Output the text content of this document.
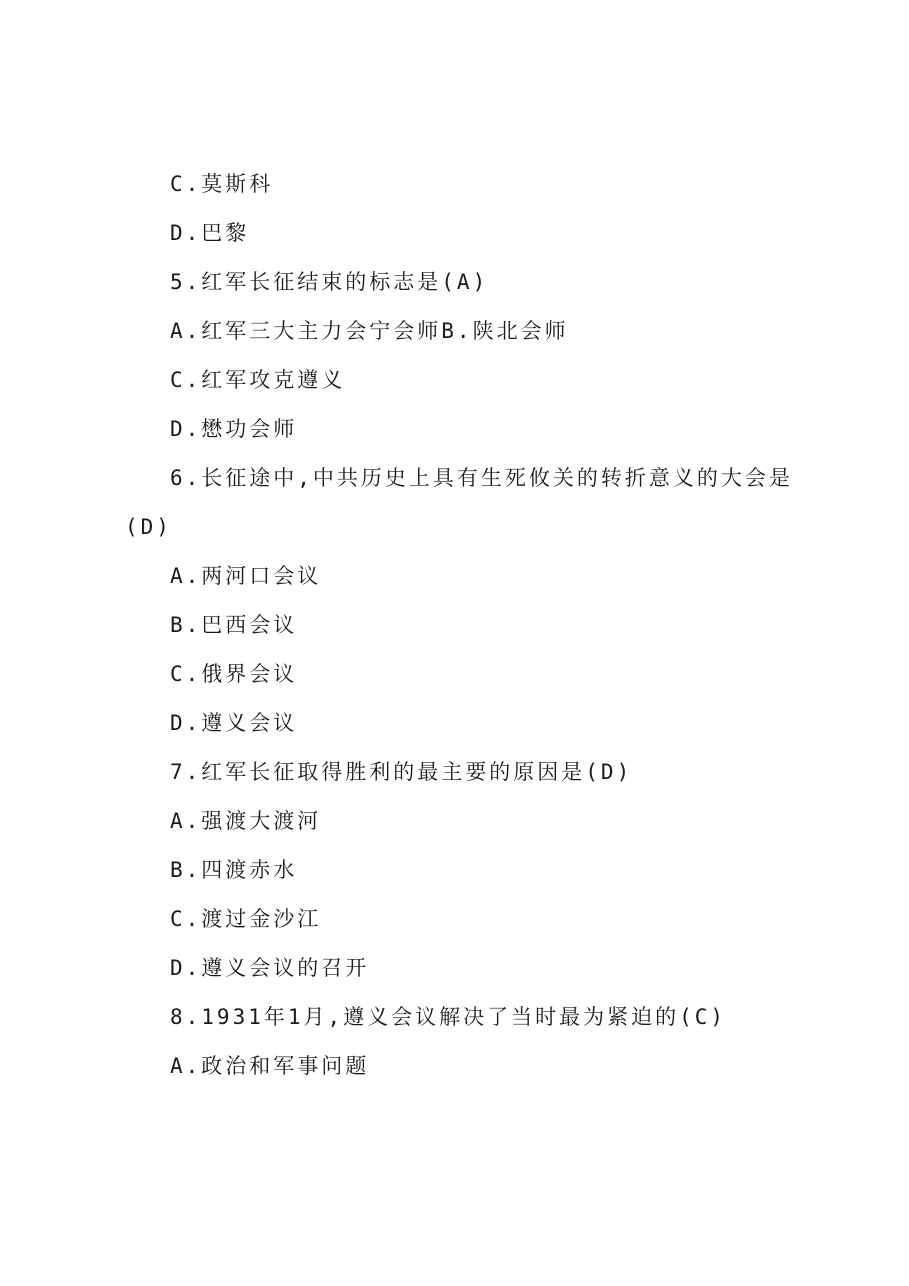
C.莫斯科
D.巴黎
5.红军长征结束的标志是(A)
A.红军三大主力会宁会师B.陕北会师
C.红军攻克遵义
D.懋功会师
6.长征途中,中共历史上具有生死攸关的转折意义的大会是
(D)
A.两河口会议
B.巴西会议
C.俄界会议
D.遵义会议
7.红军长征取得胜利的最主要的原因是(D)
A.强渡大渡河
B.四渡赤水
C.渡过金沙江
D.遵义会议的召开
8.1931年1月,遵义会议解决了当时最为紧迫的(C)
A.政治和军事问题
